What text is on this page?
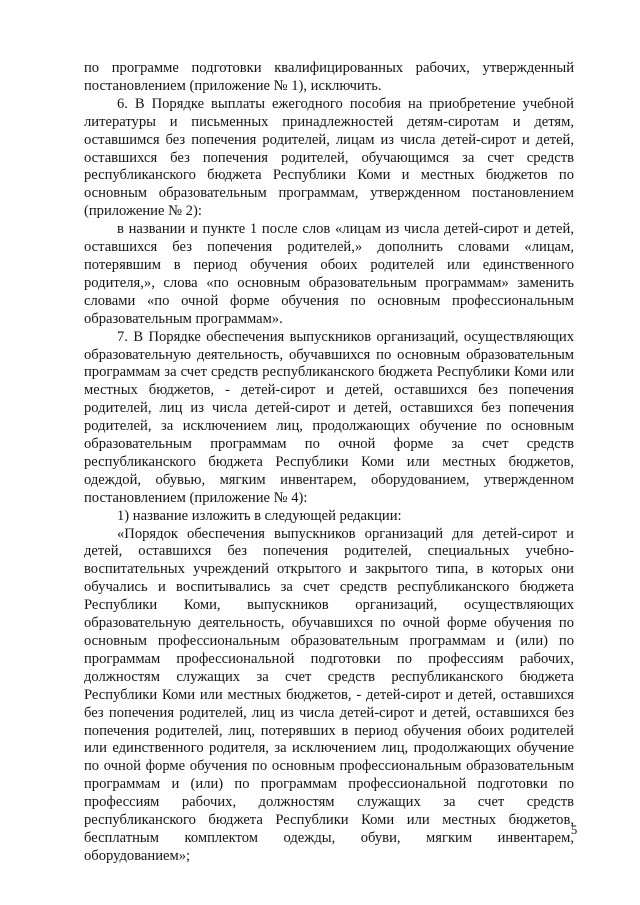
по программе подготовки квалифицированных рабочих, утвержденный постановлением (приложение № 1), исключить.

6. В Порядке выплаты ежегодного пособия на приобретение учебной литературы и письменных принадлежностей детям-сиротам и детям, оставшимся без попечения родителей, лицам из числа детей-сирот и детей, оставшихся без попечения родителей, обучающимся за счет средств республиканского бюджета Республики Коми и местных бюджетов по основным образовательным программам, утвержденном постановлением (приложение № 2):

в названии и пункте 1 после слов «лицам из числа детей-сирот и детей, оставшихся без попечения родителей,» дополнить словами «лицам, потерявшим в период обучения обоих родителей или единственного родителя,», слова «по основным образовательным программам» заменить словами «по очной форме обучения по основным профессиональным образовательным программам».

7. В Порядке обеспечения выпускников организаций, осуществляющих образовательную деятельность, обучавшихся по основным образовательным программам за счет средств республиканского бюджета Республики Коми или местных бюджетов, - детей-сирот и детей, оставшихся без попечения родителей, лиц из числа детей-сирот и детей, оставшихся без попечения родителей, за исключением лиц, продолжающих обучение по основным образовательным программам по очной форме за счет средств республиканского бюджета Республики Коми или местных бюджетов, одеждой, обувью, мягким инвентарем, оборудованием, утвержденном постановлением (приложение № 4):

1) название изложить в следующей редакции:

«Порядок обеспечения выпускников организаций для детей-сирот и детей, оставшихся без попечения родителей, специальных учебно-воспитательных учреждений открытого и закрытого типа, в которых они обучались и воспитывались за счет средств республиканского бюджета Республики Коми, выпускников организаций, осуществляющих образовательную деятельность, обучавшихся по очной форме обучения по основным профессиональным образовательным программам и (или) по программам профессиональной подготовки по профессиям рабочих, должностям служащих за счет средств республиканского бюджета Республики Коми или местных бюджетов, - детей-сирот и детей, оставшихся без попечения родителей, лиц из числа детей-сирот и детей, оставшихся без попечения родителей, лиц, потерявших в период обучения обоих родителей или единственного родителя, за исключением лиц, продолжающих обучение по очной форме обучения по основным профессиональным образовательным программам и (или) по программам профессиональной подготовки по профессиям рабочих, должностям служащих за счет средств республиканского бюджета Республики Коми или местных бюджетов, бесплатным комплектом одежды, обуви, мягким инвентарем, оборудованием»;

5
